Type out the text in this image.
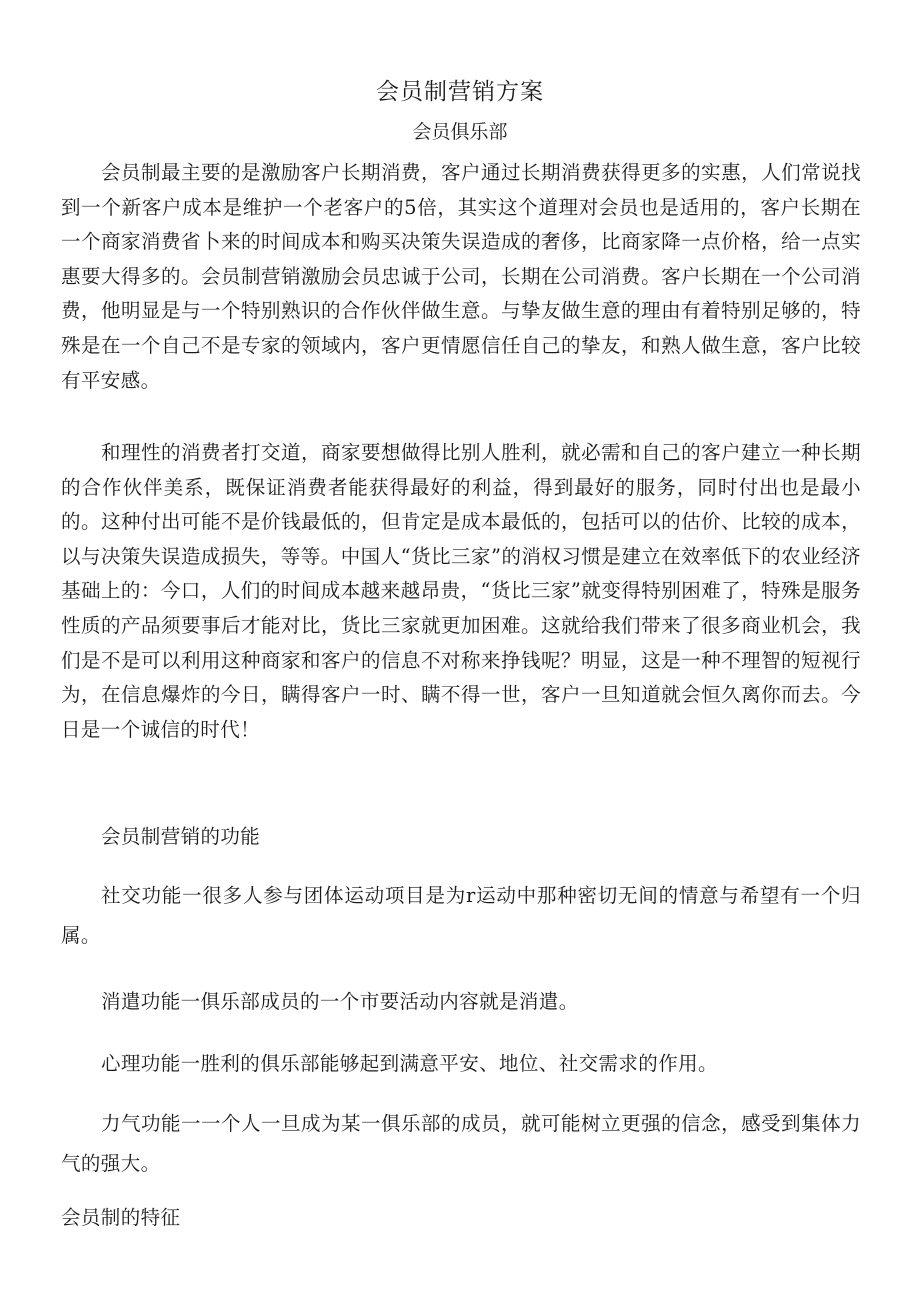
会员制营销方案
会员俱乐部

会员制最主要的是激励客户长期消费，客户通过长期消费获得更多的实惠，人们常说找到一个新客户成本是维护一个老客户的5倍，其实这个道理对会员也是适用的，客户长期在一个商家消费省卜来的时间成本和购买决策失误造成的奢侈，比商家降一点价格，给一点实惠要大得多的。会员制营销激励会员忠诚于公司，长期在公司消费。客户长期在一个公司消费，他明显是与一个特别熟识的合作伙伴做生意。与挚友做生意的理由有着特别足够的，特殊是在一个自己不是专家的领域内，客户更情愿信任自己的挚友，和熟人做生意，客户比较有平安感。

和理性的消费者打交道，商家要想做得比别人胜利，就必需和自己的客户建立一种长期的合作伙伴美系，既保证消费者能获得最好的利益，得到最好的服务，同时付出也是最小的。这种付出可能不是价钱最低的，但肯定是成本最低的，包括可以的估价、比较的成本，以与决策失误造成损失，等等。中国人“货比三家”的消权习惯是建立在效率低下的农业经济基础上的：今口，人们的时间成本越来越昂贵，“货比三家”就变得特别困难了，特殊是服务性质的产品须要事后才能对比，货比三家就更加困难。这就给我们带来了很多商业机会，我们是不是可以利用这种商家和客户的信息不对称来挣钱呢？明显，这是一种不理智的短视行为，在信息爆炸的今日，瞒得客户一时、瞒不得一世，客户一旦知道就会恒久离你而去。今日是一个诚信的时代！

会员制营销的功能

社交功能一很多人参与团体运动项目是为r运动中那种密切无间的情意与希望有一个归属。

消遣功能一俱乐部成员的一个市要活动内容就是消遣。

心理功能一胜利的俱乐部能够起到满意平安、地位、社交需求的作用。

力气功能一一个人一旦成为某一俱乐部的成员，就可能树立更强的信念，感受到集体力气的强大。

会员制的特征
